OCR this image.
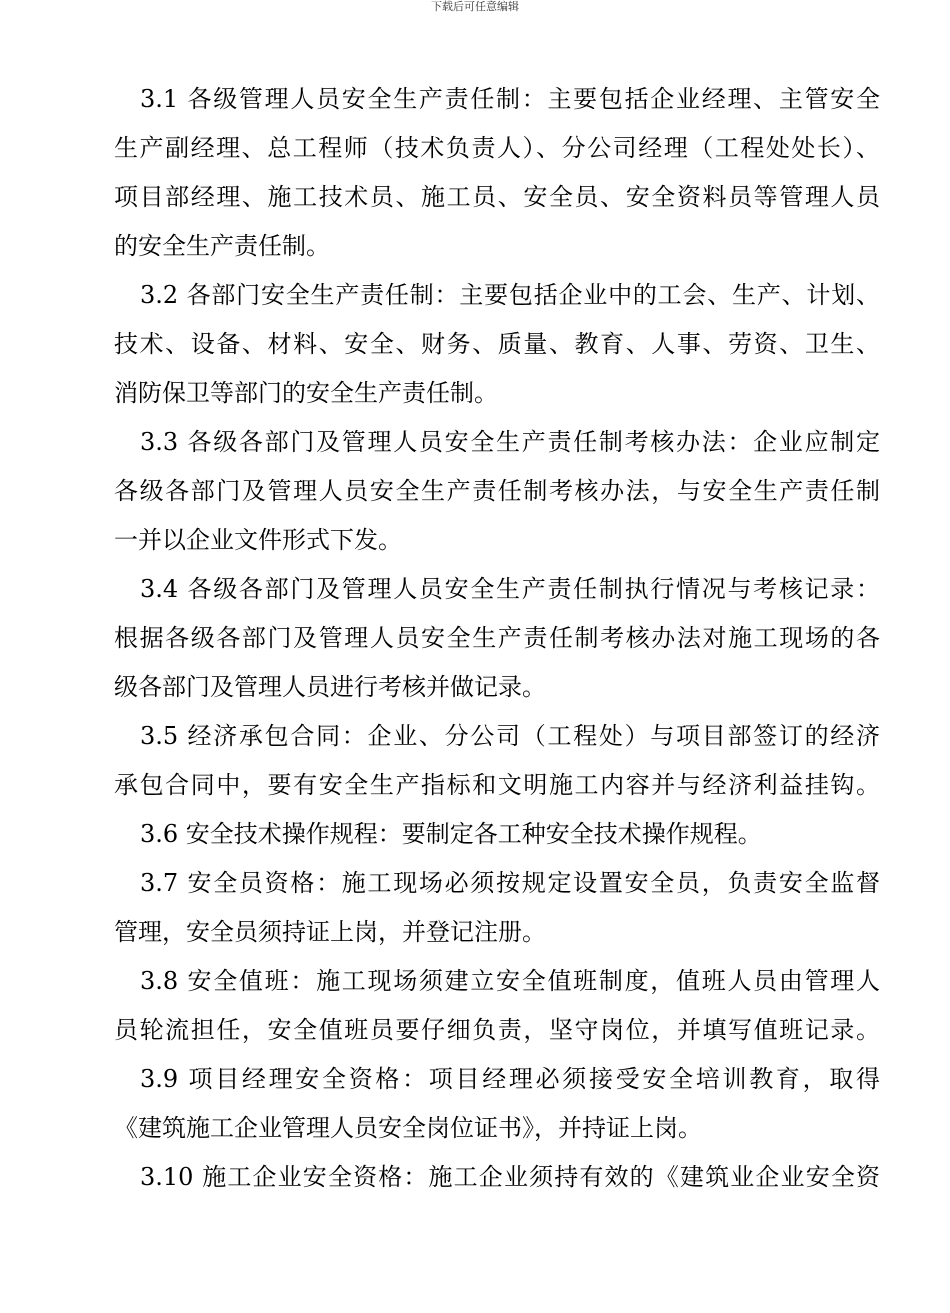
下载后可任意编辑
3.1 各级管理人员安全生产责任制：主要包括企业经理、主管安全
生产副经理、总工程师（技术负责人）、分公司经理（工程处处长）、
项目部经理、施工技术员、施工员、安全员、安全资料员等管理人员
的安全生产责任制。
3.2 各部门安全生产责任制：主要包括企业中的工会、生产、计划、
技术、设备、材料、安全、财务、质量、教育、人事、劳资、卫生、
消防保卫等部门的安全生产责任制。
3.3 各级各部门及管理人员安全生产责任制考核办法：企业应制定
各级各部门及管理人员安全生产责任制考核办法，与安全生产责任制
一并以企业文件形式下发。
3.4 各级各部门及管理人员安全生产责任制执行情况与考核记录：
根据各级各部门及管理人员安全生产责任制考核办法对施工现场的各
级各部门及管理人员进行考核并做记录。
3.5 经济承包合同：企业、分公司（工程处）与项目部签订的经济
承包合同中，要有安全生产指标和文明施工内容并与经济利益挂钩。
3.6 安全技术操作规程：要制定各工种安全技术操作规程。
3.7 安全员资格：施工现场必须按规定设置安全员，负责安全监督
管理，安全员须持证上岗，并登记注册。
3.8 安全值班：施工现场须建立安全值班制度，值班人员由管理人
员轮流担任，安全值班员要仔细负责，坚守岗位，并填写值班记录。
3.9 项目经理安全资格：项目经理必须接受安全培训教育，取得
《建筑施工企业管理人员安全岗位证书》，并持证上岗。
3.10 施工企业安全资格：施工企业须持有效的《建筑业企业安全资
